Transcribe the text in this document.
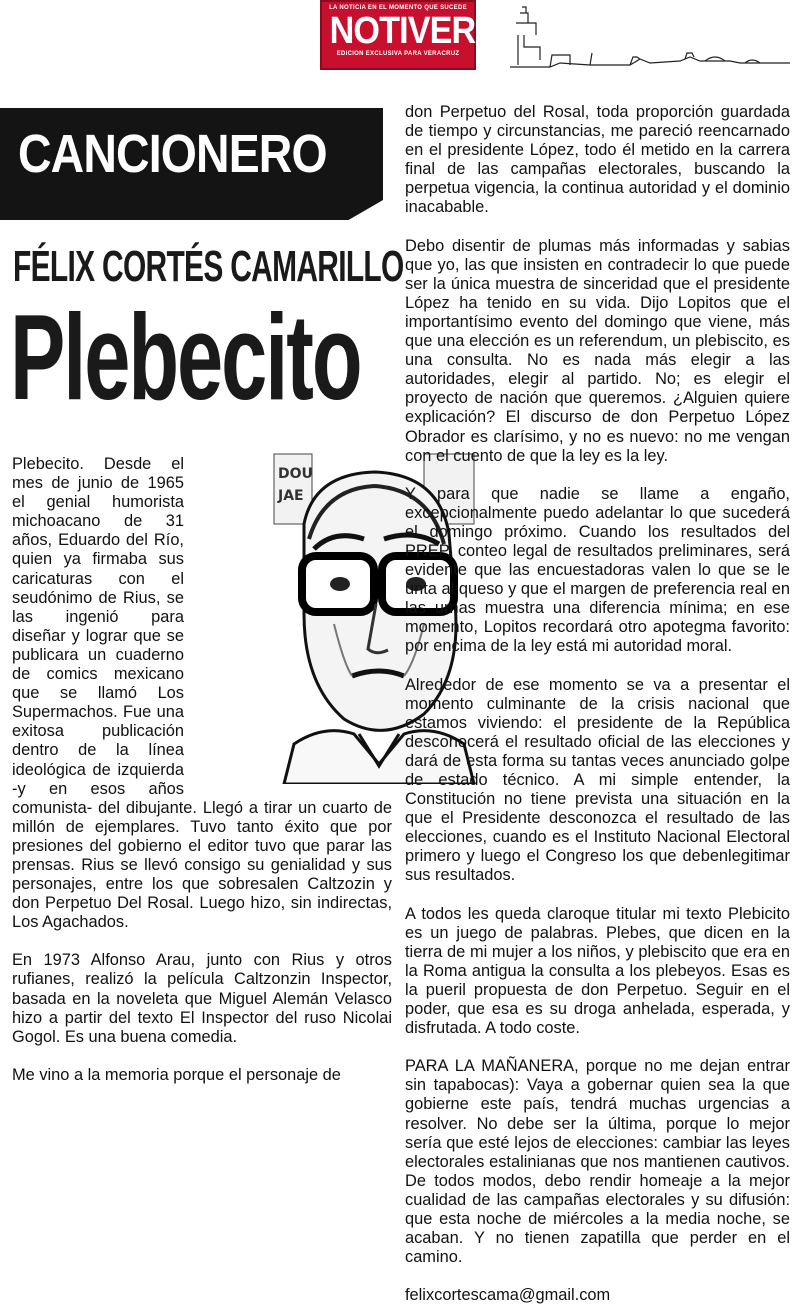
LA NOTICIA EN EL MOMENTO QUE SUCEDE
NOTIVER
EDICION EXCLUSIVA PARA VERACRUZ
CANCIONERO
FÉLIX CORTÉS CAMARILLO
Plebecito
DOU
JAE

Plebecito. Desde el mes de junio de 1965 el genial humorista michoacano de 31 años, Eduardo del Río, quien ya firmaba sus caricaturas con el seudónimo de Rius, se las ingenió para diseñar y lograr que se publicara un cuaderno de comics mexicano que se llamó Los Supermachos. Fue una exitosa publicación dentro de la línea ideológica de izquierda -y en esos años comunista- del dibujante. Llegó a tirar un cuarto de millón de ejemplares. Tuvo tanto éxito que por presiones del gobierno el editor tuvo que parar las prensas. Rius se llevó consigo su genialidad y sus personajes, entre los que sobresalen Caltzozin y don Perpetuo Del Rosal. Luego hizo, sin indirectas, Los Agachados.

En 1973 Alfonso Arau, junto con Rius y otros rufianes, realizó la película Caltzonzin Inspector, basada en la noveleta que Miguel Alemán Velasco hizo a partir del texto El Inspector del ruso Nicolai Gogol. Es una buena comedia.

Me vino a la memoria porque el personaje de

don Perpetuo del Rosal, toda proporción guardada de tiempo y circunstancias, me pareció reencarnado en el presidente López, todo él metido en la carrera final de las campañas electorales, buscando la perpetua vigencia, la continua autoridad y el dominio inacabable.

Debo disentir de plumas más informadas y sabias que yo, las que insisten en contradecir lo que puede ser la única muestra de sinceridad que el presidente López ha tenido en su vida. Dijo Lopitos que el importantísimo evento del domingo que viene, más que una elección es un referendum, un plebiscito, es una consulta. No es nada más elegir a las autoridades, elegir al partido. No; es elegir el proyecto de nación que queremos. ¿Alguien quiere explicación? El discurso de don Perpetuo López Obrador es clarísimo, y no es nuevo: no me vengan con el cuento de que la ley es la ley.

Y para que nadie se llame a engaño, excepcionalmente puedo adelantar lo que sucederá el domingo próximo. Cuando los resultados del PREP, conteo legal de resultados preliminares, será evidente que las encuestadoras valen lo que se le unta al queso y que el margen de preferencia real en las urnas muestra una diferencia mínima; en ese momento, Lopitos recordará otro apotegma favorito: por encima de la ley está mi autoridad moral.

Alrededor de ese momento se va a presentar el momento culminante de la crisis nacional que estamos viviendo: el presidente de la República desconocerá el resultado oficial de las elecciones y dará de esta forma su tantas veces anunciado golpe de estado técnico. A mi simple entender, la Constitución no tiene prevista una situación en la que el Presidente desconozca el resultado de las elecciones, cuando es el Instituto Nacional Electoral primero y luego el Congreso los que debenlegitimar sus resultados.

A todos les queda claroque titular mi texto Plebicito es un juego de palabras. Plebes, que dicen en la tierra de mi mujer a los niños, y plebiscito que era en la Roma antigua la consulta a los plebeyos. Esas es la pueril propuesta de don Perpetuo. Seguir en el poder, que esa es su droga anhelada, esperada, y disfrutada. A todo coste.

PARA LA MAÑANERA, porque no me dejan entrar sin tapabocas): Vaya a gobernar quien sea la que gobierne este país, tendrá muchas urgencias a resolver. No debe ser la última, porque lo mejor sería que esté lejos de elecciones: cambiar las leyes electorales estalinianas que nos mantienen cautivos. De todos modos, debo rendir homeaje a la mejor cualidad de las campañas electorales y su difusión: que esta noche de miércoles a la media noche, se acaban. Y no tienen zapatilla que perder en el camino.

felixcortescama@gmail.com
